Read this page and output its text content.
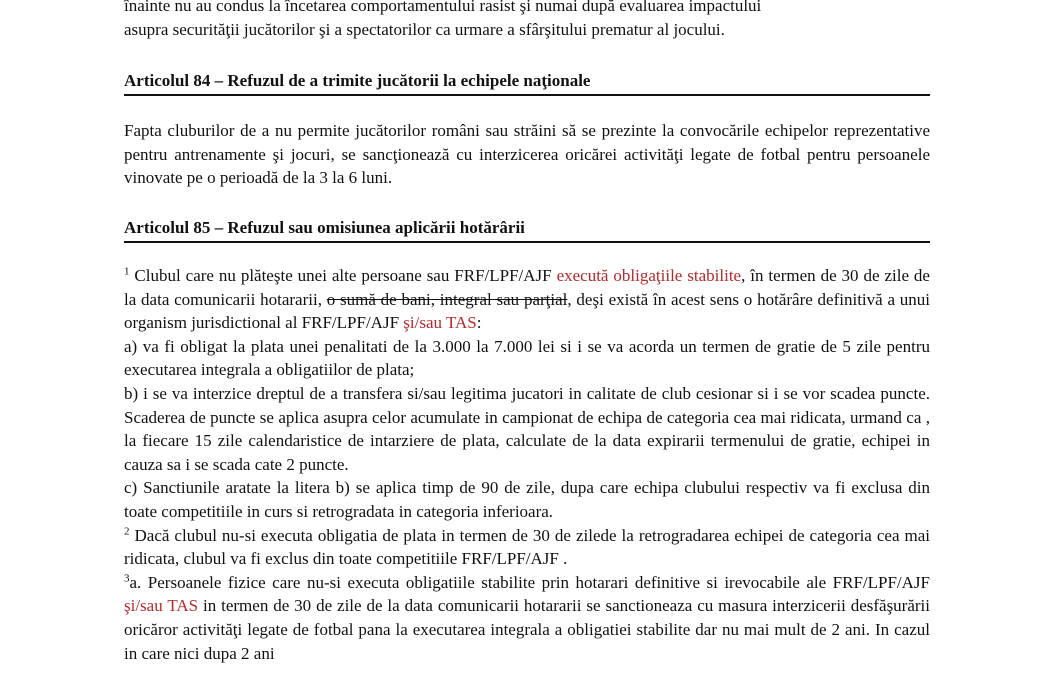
înainte nu au condus la încetarea comportamentului rasist şi numai după evaluarea impactului

asupra securităţii jucătorilor şi a spectatorilor ca urmare a sfârşitului prematur al jocului.

Articolul 84 – Refuzul de a trimite jucătorii la echipele naţionale

Fapta cluburilor de a nu permite jucătorilor români sau străini să se prezinte la convocările echipelor reprezentative pentru antrenamente şi jocuri, se sancţionează cu interzicerea oricărei activităţi legate de fotbal pentru persoanele vinovate pe o perioadă de la 3 la 6 luni.

Articolul 85 – Refuzul sau omisiunea aplicării hotărârii

$^1$ Clubul care nu plăteşte unei alte persoane sau FRF/LPF/AJF execută obligaţiile stabilite, în termen de 30 de zile de la data comunicarii hotararii, o sumă de bani, integral sau parţial, deşi există în acest sens o hotărâre definitivă a unui organism jurisdictional al FRF/LPF/AJF şi/sau TAS:

a) va fi obligat la plata unei penalitati de la 3.000 la 7.000 lei si i se va acorda un termen de gratie de 5 zile pentru executarea integrala a obligatiilor de plata;

b) i se va interzice dreptul de a transfera si/sau legitima jucatori in calitate de club cesionar si i se vor scadea puncte. Scaderea de puncte se aplica asupra celor acumulate in campionat de echipa de categoria cea mai ridicata, urmand ca , la fiecare 15 zile calendaristice de intarziere de plata, calculate de la data expirarii termenului de gratie, echipei in cauza sa i se scada cate 2 puncte.

c) Sanctiunile aratate la litera b) se aplica timp de 90 de zile, dupa care echipa clubului respectiv va fi exclusa din toate competitiile in curs si retrogradata in categoria inferioara.

$^2$ Dacă clubul nu-si executa obligatia de plata in termen de 30 de zilede la retrogradarea echipei de categoria cea mai ridicata, clubul va fi exclus din toate competitiile FRF/LPF/AJF .

$^3$a. Persoanele fizice care nu-si executa obligatiile stabilite prin hotarari definitive si irevocabile ale FRF/LPF/AJF şi/sau TAS in termen de 30 de zile de la data comunicarii hotararii se sanctioneaza cu masura interzicerii desfăşurării oricăror activităţi legate de fotbal pana la executarea integrala a obligatiei stabilite dar nu mai mult de 2 ani. In cazul in care nici dupa 2 ani
